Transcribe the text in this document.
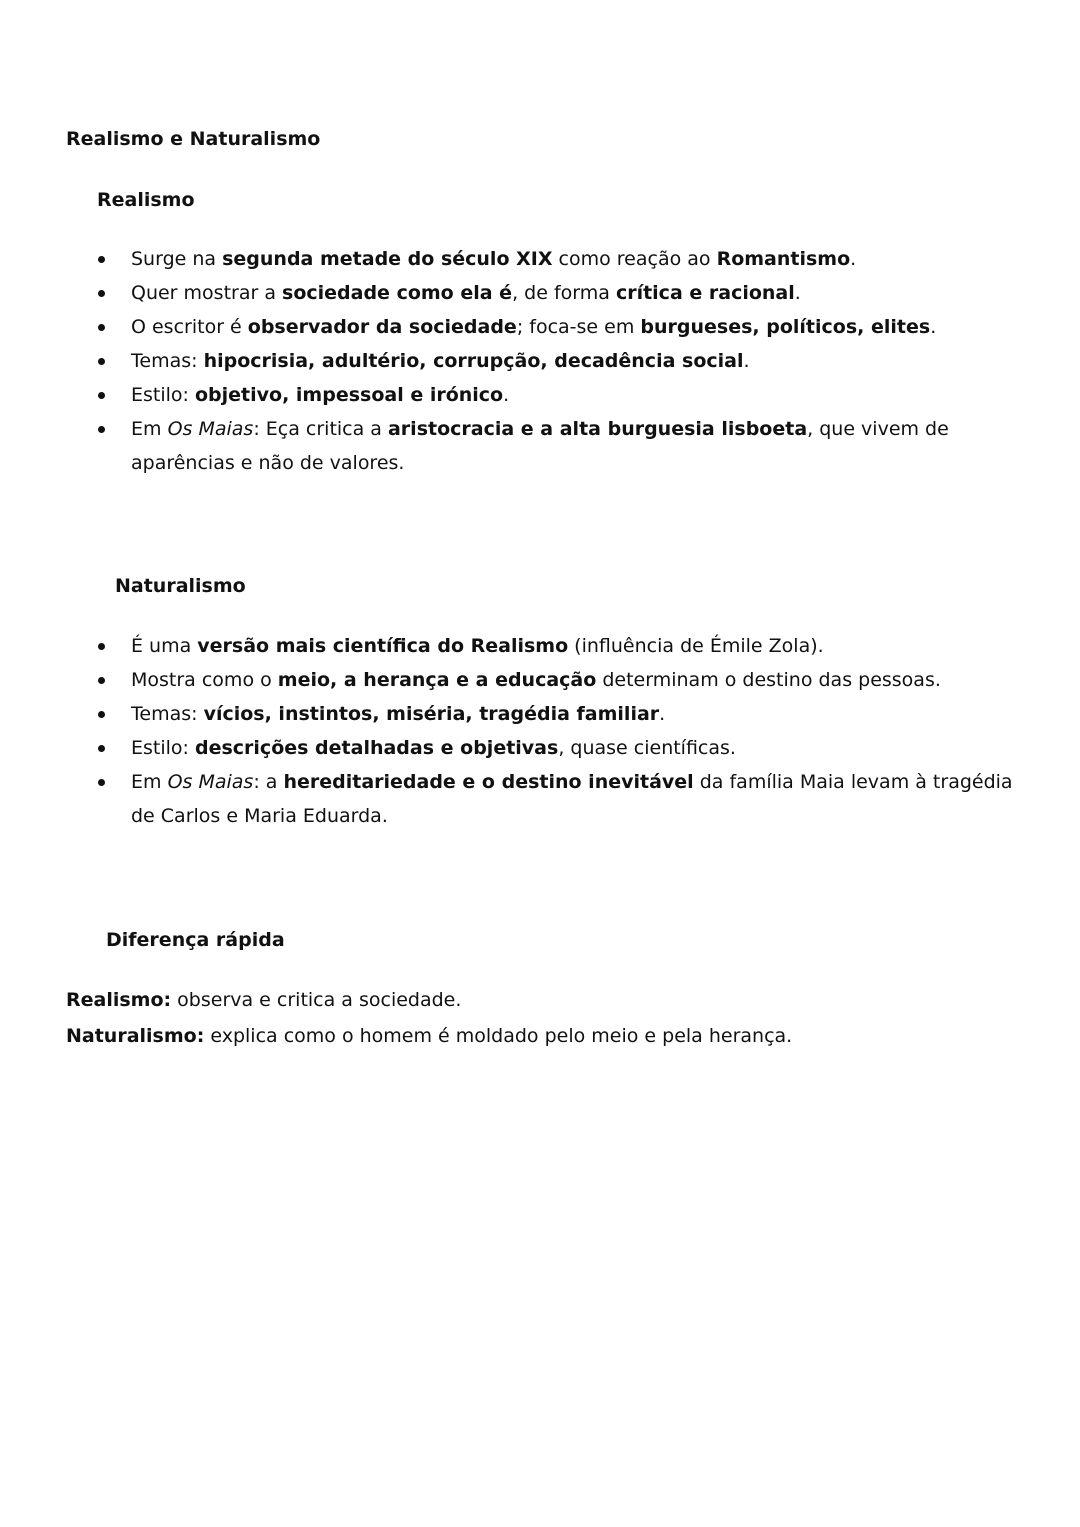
Realismo e Naturalismo
Realismo
Surge na segunda metade do século XIX como reação ao Romantismo.
Quer mostrar a sociedade como ela é, de forma crítica e racional.
O escritor é observador da sociedade; foca-se em burgueses, políticos, elites.
Temas: hipocrisia, adultério, corrupção, decadência social.
Estilo: objetivo, impessoal e irónico.
Em Os Maias: Eça critica a aristocracia e a alta burguesia lisboeta, que vivem de aparências e não de valores.
Naturalismo
É uma versão mais científica do Realismo (influência de Émile Zola).
Mostra como o meio, a herança e a educação determinam o destino das pessoas.
Temas: vícios, instintos, miséria, tragédia familiar.
Estilo: descrições detalhadas e objetivas, quase científicas.
Em Os Maias: a hereditariedade e o destino inevitável da família Maia levam à tragédia de Carlos e Maria Eduarda.
Diferença rápida
Realismo: observa e critica a sociedade.
Naturalismo: explica como o homem é moldado pelo meio e pela herança.
